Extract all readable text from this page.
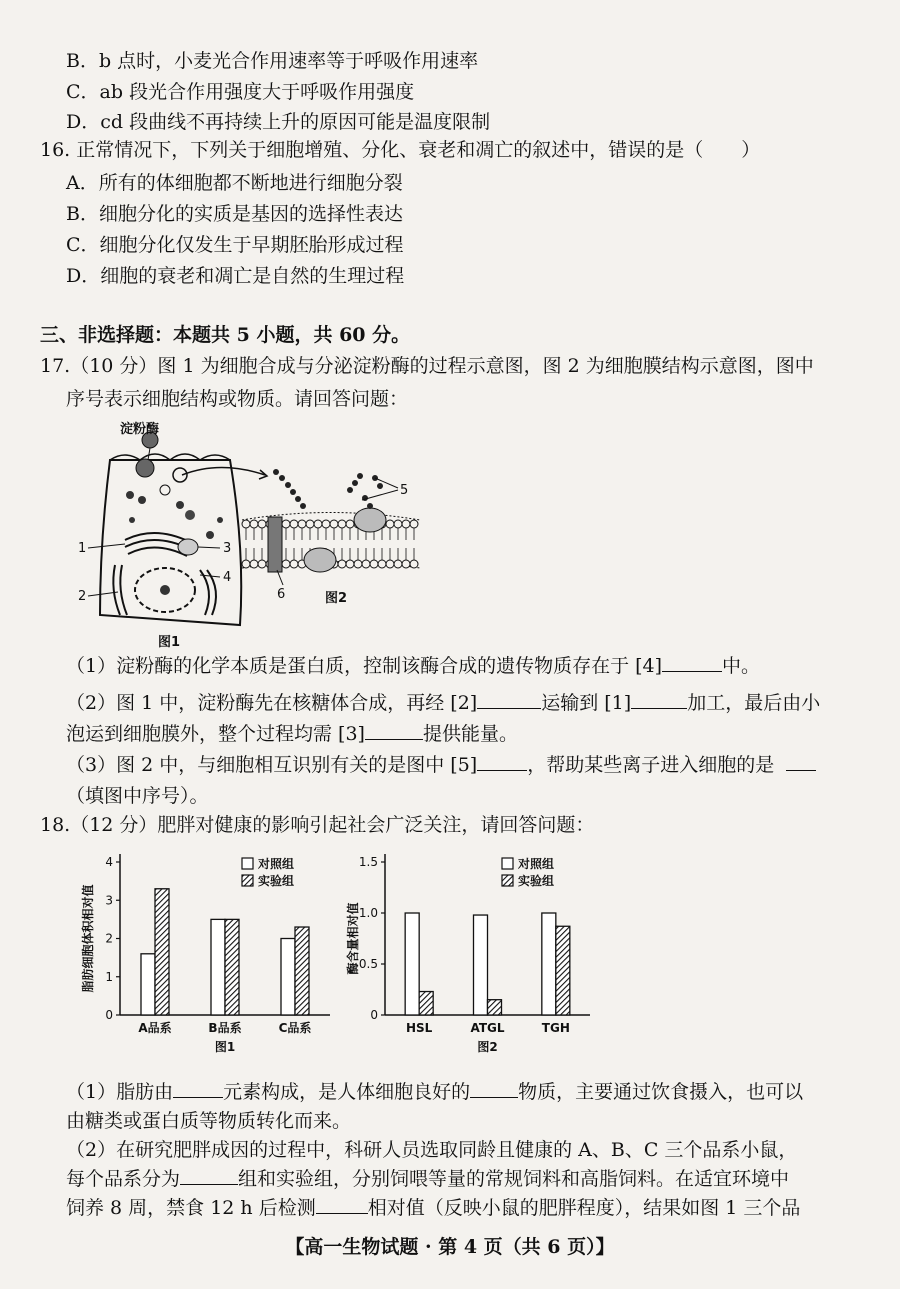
B．b 点时，小麦光合作用速率等于呼吸作用速率
C．ab 段光合作用强度大于呼吸作用强度
D．cd 段曲线不再持续上升的原因可能是温度限制
16. 正常情况下，下列关于细胞增殖、分化、衰老和凋亡的叙述中，错误的是（　　）
A．所有的体细胞都不断地进行细胞分裂
B．细胞分化的实质是基因的选择性表达
C．细胞分化仅发生于早期胚胎形成过程
D．细胞的衰老和凋亡是自然的生理过程
三、非选择题：本题共 5 小题，共 60 分。
17.（10 分）图 1 为细胞合成与分泌淀粉酶的过程示意图，图 2 为细胞膜结构示意图，图中
序号表示细胞结构或物质。请回答问题：
淀粉酶
1	3
4
2
图1
5
6	图2
（1）淀粉酶的化学本质是蛋白质，控制该酶合成的遗传物质存在于 [4]	中。
（2）图 1 中，淀粉酶先在核糖体合成，再经 [2]	运输到 [1]	加工，最后由小
泡运到细胞膜外，整个过程均需 [3]	提供能量。
（3）图 2 中，与细胞相互识别有关的是图中 [5]	，帮助某些离子进入细胞的是
（填图中序号）。
18.（12 分）肥胖对健康的影响引起社会广泛关注，请回答问题：
0
1
2
3
4
脂肪细胞体积相对值
A品系	B品系	C品系
对照组
实验组
图1
0
0.5
1.0
1.5
酶含量相对值
HSL	ATGL	TGH
对照组
实验组
图2
（1）脂肪由	元素构成，是人体细胞良好的	物质，主要通过饮食摄入，也可以
由糖类或蛋白质等物质转化而来。
（2）在研究肥胖成因的过程中，科研人员选取同龄且健康的 A、B、C 三个品系小鼠，
每个品系分为	组和实验组，分别饲喂等量的常规饲料和高脂饲料。在适宜环境中
饲养 8 周，禁食 12 h 后检测	相对值（反映小鼠的肥胖程度），结果如图 1 三个品
【高一生物试题 · 第 4 页（共 6 页）】
